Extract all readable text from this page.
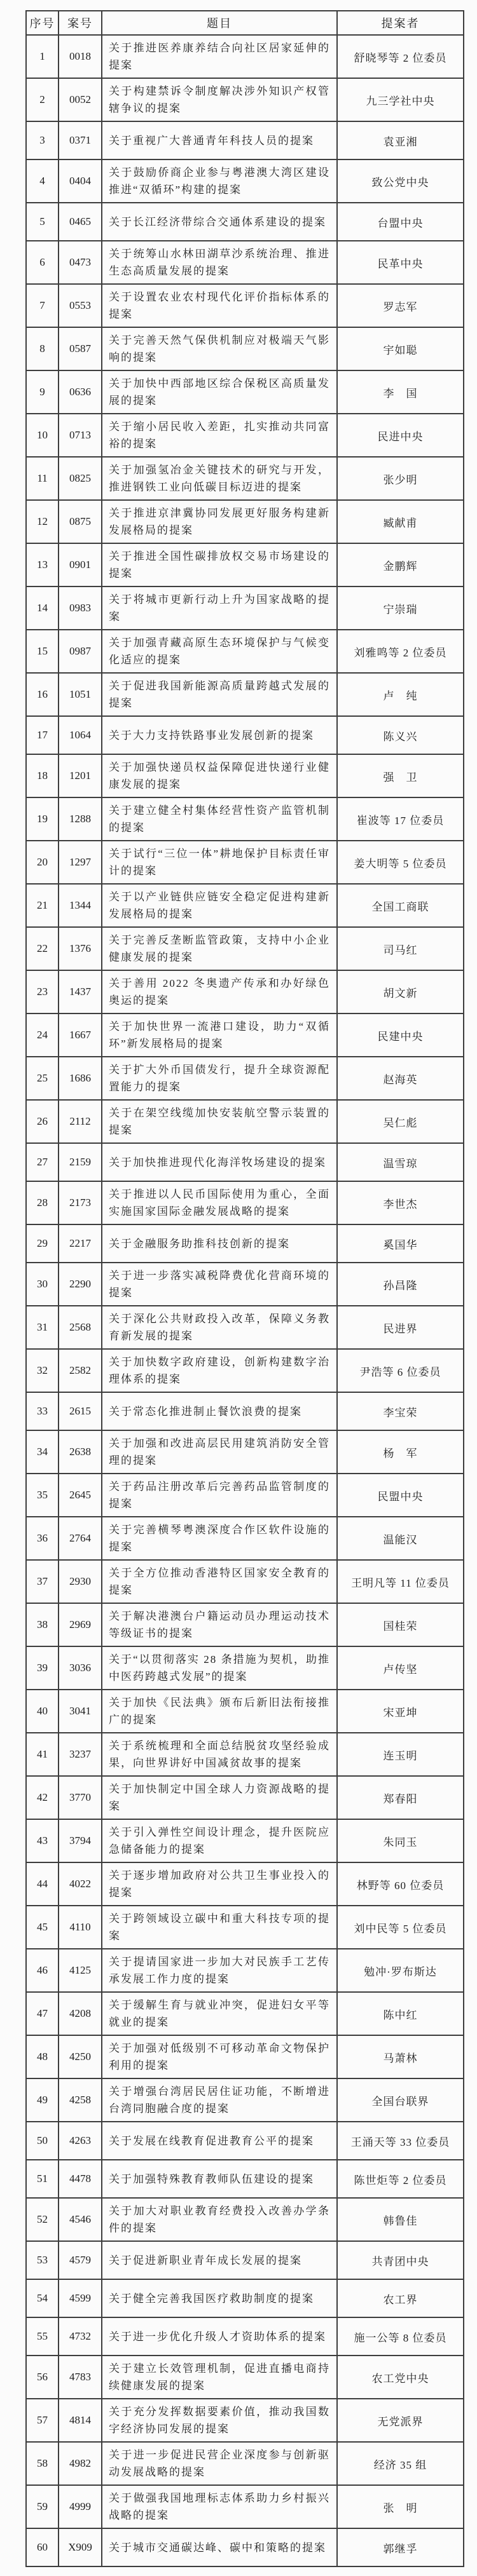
序号	案号	题目	提案者
1	0018	关于推进医养康养结合向社区居家延伸的提案	舒晓琴等 2 位委员
2	0052	关于构建禁诉令制度解决涉外知识产权管辖争议的提案	九三学社中央
3	0371	关于重视广大普通青年科技人员的提案	袁亚湘
4	0404	关于鼓励侨商企业参与粤港澳大湾区建设推进“双循环”构建的提案	致公党中央
5	0465	关于长江经济带综合交通体系建设的提案	台盟中央
6	0473	关于统筹山水林田湖草沙系统治理、推进生态高质量发展的提案	民革中央
7	0553	关于设置农业农村现代化评价指标体系的提案	罗志军
8	0587	关于完善天然气保供机制应对极端天气影响的提案	宇如聪
9	0636	关于加快中西部地区综合保税区高质量发展的提案	李　国
10	0713	关于缩小居民收入差距，扎实推动共同富裕的提案	民进中央
11	0825	关于加强氢冶金关键技术的研究与开发，推进钢铁工业向低碳目标迈进的提案	张少明
12	0875	关于推进京津冀协同发展更好服务构建新发展格局的提案	臧献甫
13	0901	关于推进全国性碳排放权交易市场建设的提案	金鹏辉
14	0983	关于将城市更新行动上升为国家战略的提案	宁崇瑞
15	0987	关于加强青藏高原生态环境保护与气候变化适应的提案	刘雅鸣等 2 位委员
16	1051	关于促进我国新能源高质量跨越式发展的提案	卢　纯
17	1064	关于大力支持铁路事业发展创新的提案	陈义兴
18	1201	关于加强快递员权益保障促进快递行业健康发展的提案	强　卫
19	1288	关于建立健全村集体经营性资产监管机制的提案	崔波等 17 位委员
20	1297	关于试行“三位一体”耕地保护目标责任审计的提案	姜大明等 5 位委员
21	1344	关于以产业链供应链安全稳定促进构建新发展格局的提案	全国工商联
22	1376	关于完善反垄断监管政策，支持中小企业健康发展的提案	司马红
23	1437	关于善用 2022 冬奥遗产传承和办好绿色奥运的提案	胡文新
24	1667	关于加快世界一流港口建设，助力“双循环”新发展格局的提案	民建中央
25	1686	关于扩大外币国债发行，提升全球资源配置能力的提案	赵海英
26	2112	关于在架空线缆加快安装航空警示装置的提案	吴仁彪
27	2159	关于加快推进现代化海洋牧场建设的提案	温雪琼
28	2173	关于推进以人民币国际使用为重心，全面实施国家国际金融发展战略的提案	李世杰
29	2217	关于金融服务助推科技创新的提案	奚国华
30	2290	关于进一步落实减税降费优化营商环境的提案	孙昌隆
31	2568	关于深化公共财政投入改革，保障义务教育新发展的提案	民进界
32	2582	关于加快数字政府建设，创新构建数字治理体系的提案	尹浩等 6 位委员
33	2615	关于常态化推进制止餐饮浪费的提案	李宝荣
34	2638	关于加强和改进高层民用建筑消防安全管理的提案	杨　军
35	2645	关于药品注册改革后完善药品监管制度的提案	民盟中央
36	2764	关于完善横琴粤澳深度合作区软件设施的提案	温能汉
37	2930	关于全方位推动香港特区国家安全教育的提案	王明凡等 11 位委员
38	2969	关于解决港澳台户籍运动员办理运动技术等级证书的提案	国桂荣
39	3036	关于“以贯彻落实 28 条措施为契机，助推中医药跨越式发展”的提案	卢传坚
40	3041	关于加快《民法典》颁布后新旧法衔接推广的提案	宋亚坤
41	3237	关于系统梳理和全面总结脱贫攻坚经验成果，向世界讲好中国减贫故事的提案	连玉明
42	3770	关于加快制定中国全球人力资源战略的提案	郑春阳
43	3794	关于引入弹性空间设计理念，提升医院应急储备能力的提案	朱同玉
44	4022	关于逐步增加政府对公共卫生事业投入的提案	林野等 60 位委员
45	4110	关于跨领域设立碳中和重大科技专项的提案	刘中民等 5 位委员
46	4125	关于提请国家进一步加大对民族手工艺传承发展工作力度的提案	勉冲·罗布斯达
47	4208	关于缓解生育与就业冲突，促进妇女平等就业的提案	陈中红
48	4250	关于加强对低级别不可移动革命文物保护利用的提案	马萧林
49	4258	关于增强台湾居民居住证功能，不断增进台湾同胞融合度的提案	全国台联界
50	4263	关于发展在线教育促进教育公平的提案	王涌天等 33 位委员
51	4478	关于加强特殊教育教师队伍建设的提案	陈世炬等 2 位委员
52	4546	关于加大对职业教育经费投入改善办学条件的提案	韩鲁佳
53	4579	关于促进新职业青年成长发展的提案	共青团中央
54	4599	关于健全完善我国医疗救助制度的提案	农工界
55	4732	关于进一步优化升级人才资助体系的提案	施一公等 8 位委员
56	4783	关于建立长效管理机制，促进直播电商持续健康发展的提案	农工党中央
57	4814	关于充分发挥数据要素价值，推动我国数字经济协同发展的提案	无党派界
58	4982	关于进一步促进民营企业深度参与创新驱动发展战略的提案	经济 35 组
59	4999	关于做强我国地理标志体系助力乡村振兴战略的提案	张　明
60	X909	关于城市交通碳达峰、碳中和策略的提案	郭继孚
